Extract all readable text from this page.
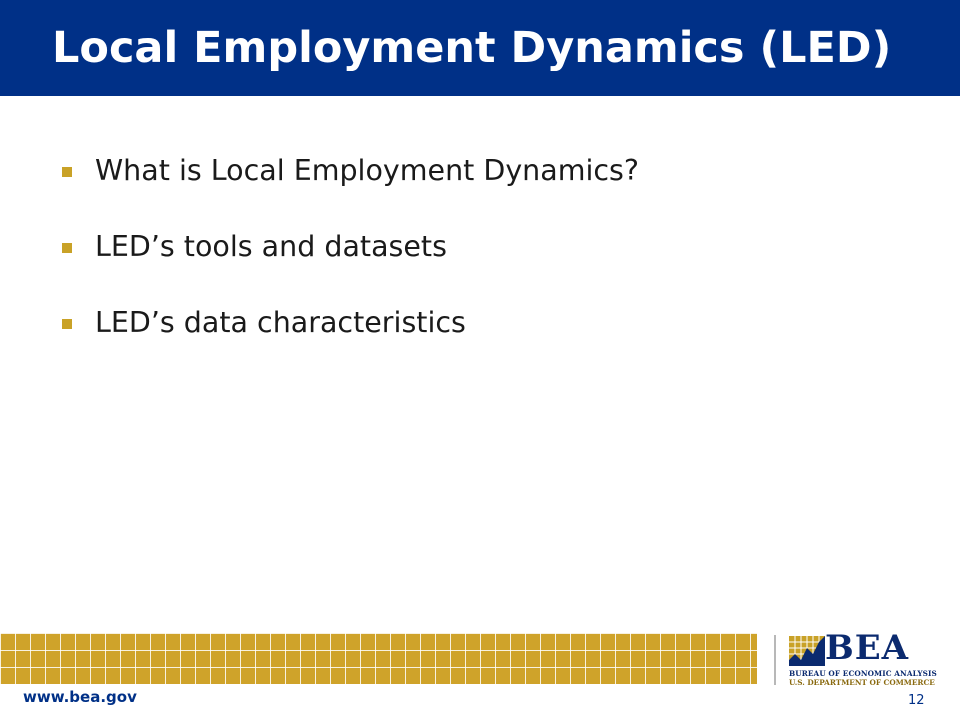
Local Employment Dynamics (LED)
What is Local Employment Dynamics?
LED’s tools and datasets
LED’s data characteristics
BEA
BUREAU OF ECONOMIC ANALYSIS
U.S. DEPARTMENT OF COMMERCE
www.bea.gov	12
